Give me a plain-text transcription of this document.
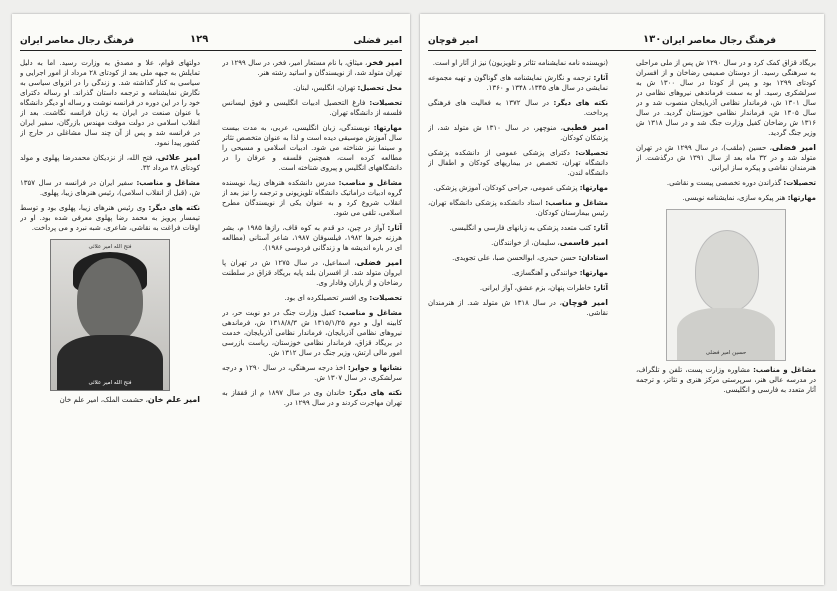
فرهنگ رجال معاصر ایران	۱۲۹	امیر فضلی

امیر فخر، میثاق، با نام مستعار امیر، فخر، در سال ۱۲۹۹ در تهران متولد شد، از نویسندگان و اساتید رشته هنر.

محل تحصیل: تهران، انگلیس، لبنان.

تحصیلات: فارغ التحصیل ادبیات انگلیسی و فوق لیسانس فلسفه از دانشگاه تهران.

مهارتها: نویسندگی، زبان انگلیسی، عربی، به مدت بیست سال آموزش موسیقی دیده است و لذا به عنوان متخصص تئاتر و سینما نیز شناخته می شود. ادبیات اسلامی و مسیحی را مطالعه کرده است، همچنین فلسفه و عرفان را در دانشگاههای انگلیس و پیروی شناخته است.

مشاغل و مناصب: مدرس دانشکده هنرهای زیبا، نویسنده گروه ادبیات دراماتیک دانشگاه تلویزیونی و ترجمه را نیز بعد از انقلاب شروع کرد و به عنوان یکی از نویسندگان مطرح اسلامی، تلقی می شود.

آثار: آواز در چین، دو قدم به کوه قاف، رازها ۱۹۸۵ م، بشر هرزنه خبرها ۱۹۸۲، فیلسوفان ۱۹۸۷، شاعر آستانی (مطالعه ای در باره اندیشه ها و زندگانی فردوسی ۱۹۸۶).

امیر فضلی، اسماعیل، در سال ۱۲۷۵ ش در تهران پا ایروان متولد شد. از افسران بلند پایه بریگاد قزاق در سلطنت رضاخان و از یاران وفادار وی.

تحصیلات: وی افسر تحصیلکرده ای بود.

مشاغل و مناصب: کفیل وزارت جنگ در دو نوبت حر، در کابینه اول و دوم ۱۳۱۵/۱/۲۵ ش ۱۳۱۸/۸/۳ ش، فرماندهی نیروهای نظامی آذربایجان، فرماندار نظامی آذربایجان، خدمت در بریگاد قزاق، فرماندار نظامی خوزستان، ریاست بازرسی امور مالی ارتش، وزیر جنگ در سال ۱۳۱۲ ش.

نشانها و جوایز: اخذ درجه سرهنگی، در سال ۱۲۹۰ و درجه سرلشکری، در سال ۱۳۰۷ ش.

نکته های دیگر: خاندان وی در سال ۱۸۹۷ م از قفقاز به تهران مهاجرت کردند و در سال ۱۲۹۹ در.

دولتهای قوام، علا و مصدق به وزارت رسید. اما به دلیل تمایلش به جبهه ملی بعد از کودتای ۲۸ مرداد از امور اجرایی و سیاسی به کنار گذاشته شد. و زندگی را در انزوای سیاسی به نگارش نمایشنامه و ترجمه داستان گذراند. او رساله دکترای خود را در این دوره در فرانسه نوشت و رساله او دیگر دانشگاه با عنوان صنعت در ایران به زبان فرانسه نگاشت. بعد از انقلاب اسلامی در دولت موقت مهندس بازرگان، سفیر ایران در فرانسه شد و پس از آن چند سال مشاغلی در خارج از کشور پیدا نمود.

امیر علائی، فتح الله، از نزدیکان محمدرضا پهلوی و مولد کودتای ۲۸ مرداد ۳۲.

مشاغل و مناصب: سفیر ایران در فرانسه در سال ۱۳۵۷ ش، (قبل از انقلاب اسلامی)، رئیس هنرهای زیبا، پهلوی.

نکته های دیگر: وی رئیس هنرهای زیبا، پهلوی بود و توسط تیمسار پرویز به محمد رضا پهلوی معرفی شده بود. او در اوقات فراغت به نقاشی، شاعری، شبه نبرد و می پرداخت.

فتح الله امیر علائی
فتح الله امیر علائی

امیر علم خان، حشمت الملک، امیر علم خان

امیر قوچان	۱۳۰ فرهنگ رجال معاصر ایران

بریگاد قزاق کمک کرد و در سال ۱۲۹۰ ش پس از ملی مراحلی به سرهنگی رسید. از دوستان صمیمی رضاخان و از افسران کودتای ۱۲۹۹ بود و پس از کودتا در سال ۱۳۰۰ ش به سرلشکری رسید. او به سمت فرماندهی نیروهای نظامی در سال ۱۳۰۱ ش، فرماندار نظامی آذربایجان منصوب شد و در سال ۱۳۰۵ ش، فرماندار نظامی خوزستان گردید. در سال ۱۳۱۶ ش رضاخان کفیل وزارت جنگ شد و در سال ۱۳۱۸ ش وزیر جنگ گردید.

امیر فضلی، حسین (ملقب)، در سال ۱۲۹۹ ش در تهران متولد شد و در ۳۲ ماه بعد از سال ۱۳۹۱ ش درگذشت. از هنرمندان نقاشی و پیکره ساز ایرانی.

تحصیلات: گذراندن دوره تخصصی پیست و نقاشی.

مهارتها: هنر پیکره سازی، نمایشنامه نویسی.

حسین امیر فضلی

مشاغل و مناصب: مشاوره وزارت پست، تلفن و تلگراف، در مدرسه عالی هنر، سرپرستی مرکز هنری و تئاتر، و ترجمه آثار متعدد به فارسی و انگلیسی.

(نویسنده نامه نمایشنامه تئاتر و تلویزیون) نیز از آثار او است.

آثار: ترجمه و نگارش نمایشنامه های گوناگون و تهیه مجموعه نمایشی در سال های ۱۳۴۵، ۱۳۴۸ و ۱۳۶۰.

نکته های دیگر: در سال ۱۳۷۲ به فعالیت های فرهنگی پرداخت.

امیر قطبی، منوچهر، در سال ۱۳۱۰ ش متولد شد، از پزشکان کودکان.

تحصیلات: دکترای پزشکی عمومی از دانشکده پزشکی دانشگاه تهران، تخصص در بیماریهای کودکان و اطفال از دانشگاه لندن.

مهارتها: پزشکی عمومی، جراحی کودکان، آموزش پزشکی.

مشاغل و مناصب: استاد دانشکده پزشکی دانشگاه تهران، رئیس بیمارستان کودکان.

آثار: کتب متعدد پزشکی به زبانهای فارسی و انگلیسی.

امیر قاسمی، سلیمان، از خوانندگان.

استادان: حسن حیدری، ابوالحسن صبا، علی تجویدی.

مهارتها: خوانندگی و آهنگسازی.

آثار: خاطرات پنهان، بزم عشق، آواز ایرانی.

امیر قوچان، در سال ۱۳۱۸ ش متولد شد. از هنرمندان نقاشی.
